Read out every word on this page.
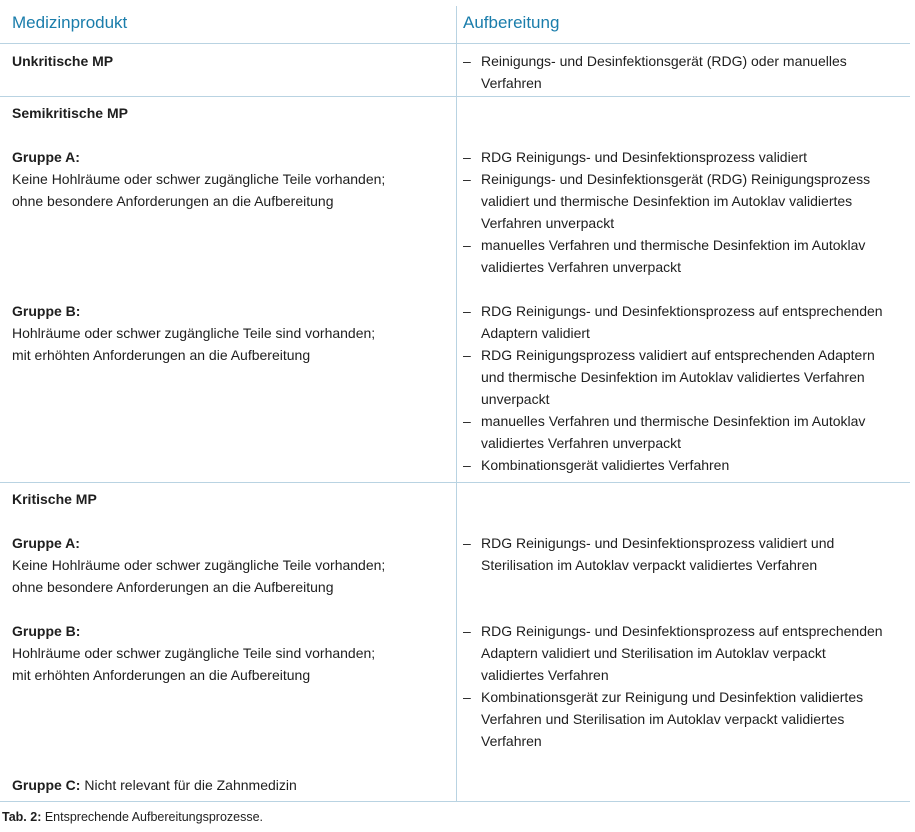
Medizinprodukt	Aufbereitung
Unkritische MP
–	Reinigungs- und Desinfektionsgerät (RDG) oder manuelles
Verfahren
Semikritische MP
Gruppe A:
Keine Hohlräume oder schwer zugängliche Teile vorhanden;
ohne besondere Anforderungen an die Aufbereitung
– RDG Reinigungs- und Desinfektionsprozess validiert
– Reinigungs- und Desinfektionsgerät (RDG) Reinigungsprozess
validiert und thermische Desinfektion im Autoklav validiertes
Verfahren unverpackt
– manuelles Verfahren und thermische Desinfektion im Autoklav
validiertes Verfahren unverpackt
Gruppe B:
Hohlräume oder schwer zugängliche Teile sind vorhanden;
mit erhöhten Anforderungen an die Aufbereitung
– RDG Reinigungs- und Desinfektionsprozess auf entsprechenden
Adaptern validiert
– RDG Reinigungsprozess validiert auf entsprechenden Adaptern
und thermische Desinfektion im Autoklav validiertes Verfahren
unverpackt
– manuelles Verfahren und thermische Desinfektion im Autoklav
validiertes Verfahren unverpackt
– Kombinationsgerät validiertes Verfahren
Kritische MP
Gruppe A:
Keine Hohlräume oder schwer zugängliche Teile vorhanden;
ohne besondere Anforderungen an die Aufbereitung
– RDG Reinigungs- und Desinfektionsprozess validiert und
Sterilisation im Autoklav verpackt validiertes Verfahren
Gruppe B:
Hohlräume oder schwer zugängliche Teile sind vorhanden;
mit erhöhten Anforderungen an die Aufbereitung
– RDG Reinigungs- und Desinfektionsprozess auf entsprechenden
Adaptern validiert und Sterilisation im Autoklav verpackt
validiertes Verfahren
– Kombinationsgerät zur Reinigung und Desinfektion validiertes
Verfahren und Sterilisation im Autoklav verpackt validiertes
Verfahren
Gruppe C: Nicht relevant für die Zahnmedizin
Tab. 2: Entsprechende Aufbereitungsprozesse.
